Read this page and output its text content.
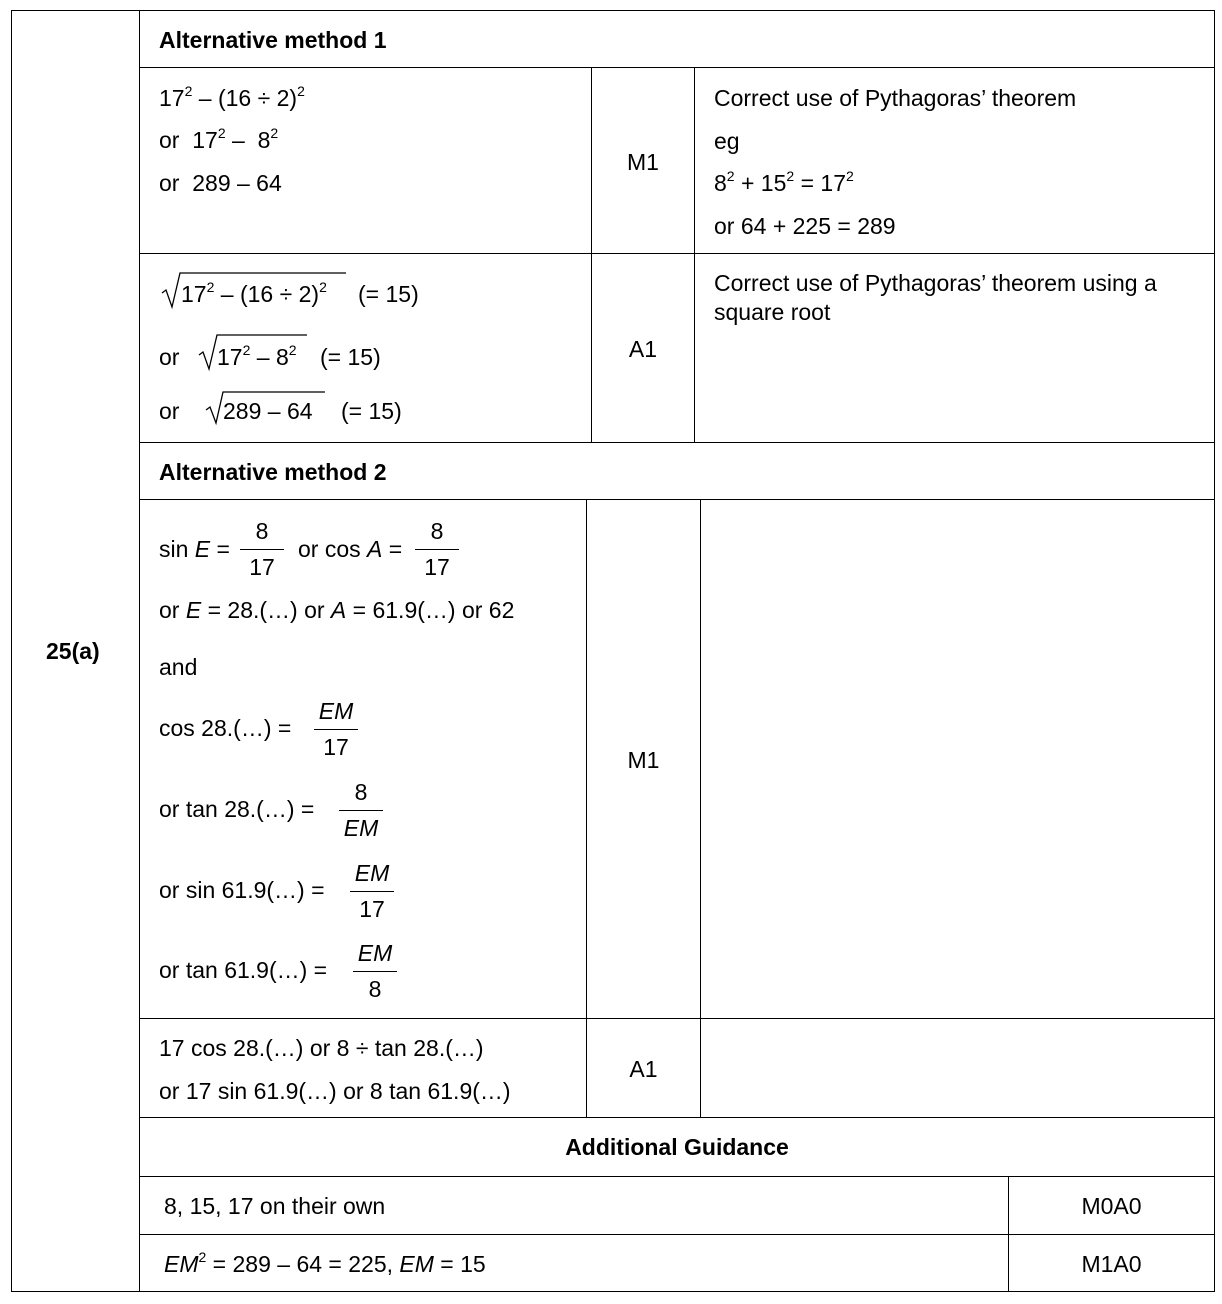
25(a)
Alternative method 1
$17^2 - (16 \div 2)^2$
or  $17^2 - 8^2$
or  289 – 64
M1
Correct use of Pythagoras’ theorem
eg
$8^2 + 15^2 = 17^2$
or 64 + 225 = 289
$17^2 - (16 \div 2)^2$ (= 15)
or $17^2 - 8^2$ (= 15)
or 289 – 64 (= 15)
A1
Correct use of Pythagoras’ theorem using a
square root
Alternative method 2
sin E =
8
17
or cos A =
8
17
or E = 28.(…) or A = 61.9(…) or 62
and
cos 28.(…) =
EM
17
or tan 28.(…) =
8
EM
or sin 61.9(…) =
EM
17
or tan 61.9(…) =
EM
8
M1
17 cos 28.(…) or 8 ÷ tan 28.(…)
or 17 sin 61.9(…) or 8 tan 61.9(…)
A1
Additional Guidance
8, 15, 17 on their own	M0A0
$EM^2 = 289 - 64 = 225$, EM = 15	M1A0
